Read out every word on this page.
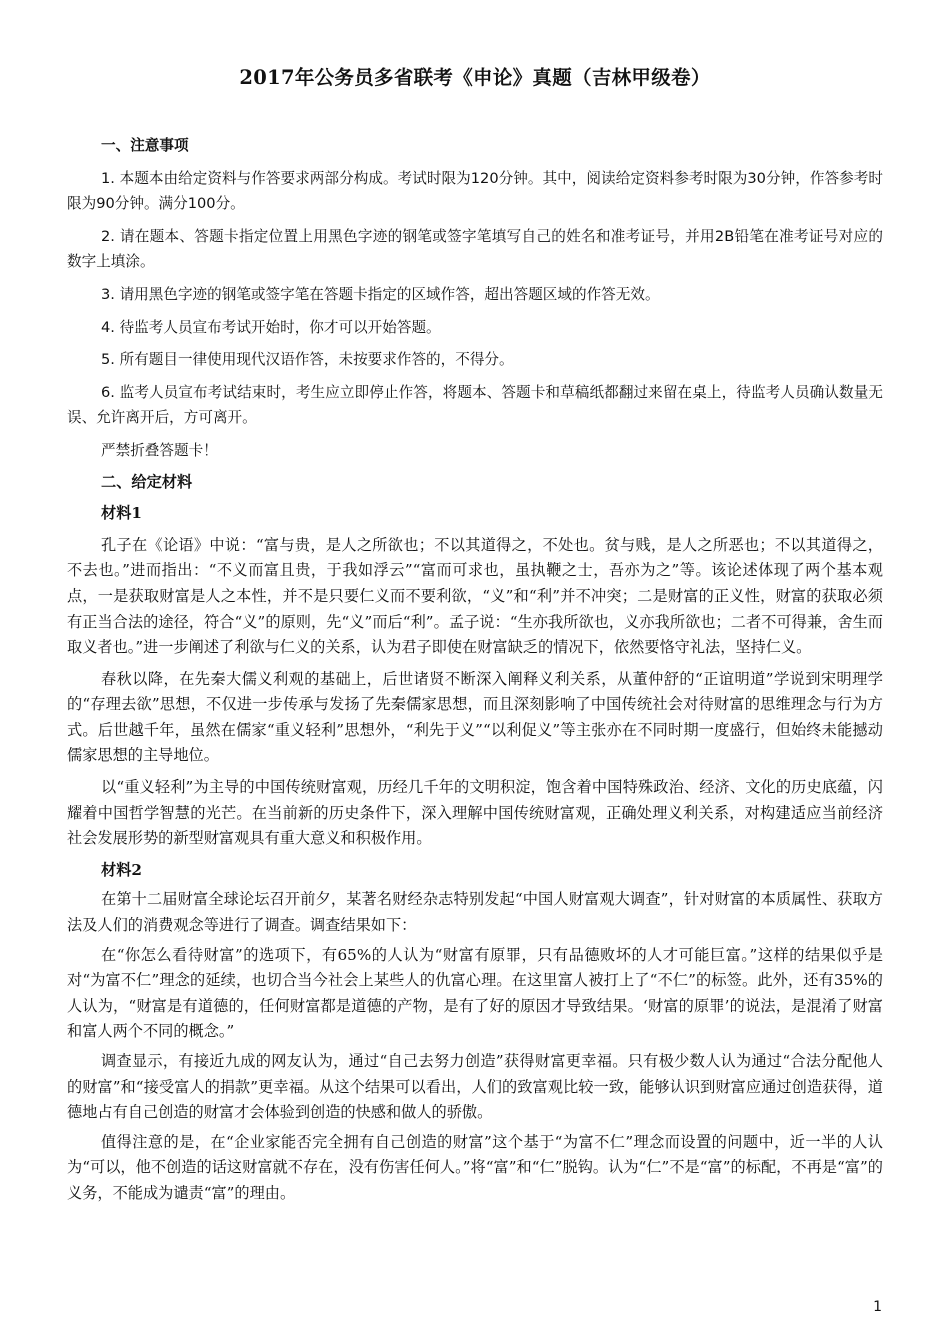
2017年公务员多省联考《申论》真题（吉林甲级卷）

一、注意事项

1. 本题本由给定资料与作答要求两部分构成。考试时限为120分钟。其中，阅读给定资料参考时限为30分钟，作答参考时限为90分钟。满分100分。

2. 请在题本、答题卡指定位置上用黑色字迹的钢笔或签字笔填写自己的姓名和准考证号，并用2B铅笔在准考证号对应的数字上填涂。

3. 请用黑色字迹的钢笔或签字笔在答题卡指定的区域作答，超出答题区域的作答无效。

4. 待监考人员宣布考试开始时，你才可以开始答题。

5. 所有题目一律使用现代汉语作答，未按要求作答的，不得分。

6. 监考人员宣布考试结束时，考生应立即停止作答，将题本、答题卡和草稿纸都翻过来留在桌上，待监考人员确认数量无误、允许离开后，方可离开。

严禁折叠答题卡！

二、给定材料

材料1

孔子在《论语》中说：“富与贵，是人之所欲也；不以其道得之，不处也。贫与贱，是人之所恶也；不以其道得之，不去也。”进而指出：“不义而富且贵，于我如浮云”“富而可求也，虽执鞭之士，吾亦为之”等。该论述体现了两个基本观点，一是获取财富是人之本性，并不是只要仁义而不要利欲，“义”和“利”并不冲突；二是财富的正义性，财富的获取必须有正当合法的途径，符合“义”的原则，先“义”而后“利”。孟子说：“生亦我所欲也，义亦我所欲也；二者不可得兼，舍生而取义者也。”进一步阐述了利欲与仁义的关系，认为君子即使在财富缺乏的情况下，依然要恪守礼法，坚持仁义。

春秋以降，在先秦大儒义利观的基础上，后世诸贤不断深入阐释义利关系，从董仲舒的“正谊明道”学说到宋明理学的“存理去欲”思想，不仅进一步传承与发扬了先秦儒家思想，而且深刻影响了中国传统社会对待财富的思维理念与行为方式。后世越千年，虽然在儒家“重义轻利”思想外，“利先于义”“以利促义”等主张亦在不同时期一度盛行，但始终未能撼动儒家思想的主导地位。

以“重义轻利”为主导的中国传统财富观，历经几千年的文明积淀，饱含着中国特殊政治、经济、文化的历史底蕴，闪耀着中国哲学智慧的光芒。在当前新的历史条件下，深入理解中国传统财富观，正确处理义利关系，对构建适应当前经济社会发展形势的新型财富观具有重大意义和积极作用。

材料2

在第十二届财富全球论坛召开前夕，某著名财经杂志特别发起“中国人财富观大调查”，针对财富的本质属性、获取方法及人们的消费观念等进行了调查。调查结果如下：

在“你怎么看待财富”的选项下，有65%的人认为“财富有原罪，只有品德败坏的人才可能巨富。”这样的结果似乎是对“为富不仁”理念的延续，也切合当今社会上某些人的仇富心理。在这里富人被打上了“不仁”的标签。此外，还有35%的人认为，“财富是有道德的，任何财富都是道德的产物，是有了好的原因才导致结果。‘财富的原罪’的说法，是混淆了财富和富人两个不同的概念。”

调查显示，有接近九成的网友认为，通过“自己去努力创造”获得财富更幸福。只有极少数人认为通过“合法分配他人的财富”和“接受富人的捐款”更幸福。从这个结果可以看出，人们的致富观比较一致，能够认识到财富应通过创造获得，道德地占有自己创造的财富才会体验到创造的快感和做人的骄傲。

值得注意的是，在“企业家能否完全拥有自己创造的财富”这个基于“为富不仁”理念而设置的问题中，近一半的人认为“可以，他不创造的话这财富就不存在，没有伤害任何人。”将“富”和“仁”脱钩。认为“仁”不是“富”的标配，不再是“富”的义务，不能成为谴责“富”的理由。

1
